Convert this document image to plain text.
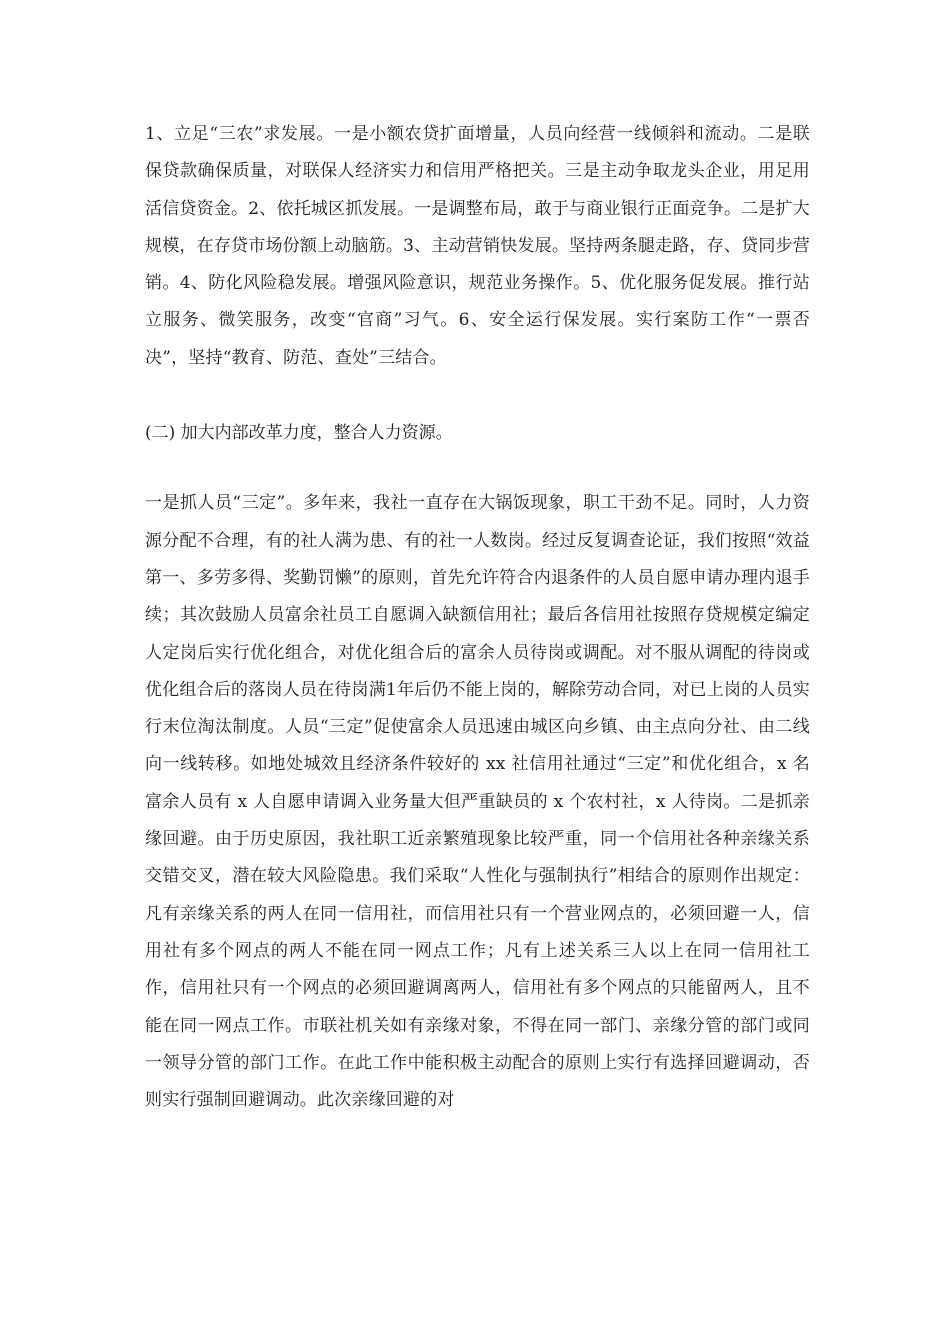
1、立足“三农”求发展。一是小额农贷扩面增量，人员向经营一线倾斜和流动。二是联保贷款确保质量，对联保人经济实力和信用严格把关。三是主动争取龙头企业，用足用活信贷资金。2、依托城区抓发展。一是调整布局，敢于与商业银行正面竞争。二是扩大规模，在存贷市场份额上动脑筋。3、主动营销快发展。坚持两条腿走路，存、贷同步营销。4、防化风险稳发展。增强风险意识，规范业务操作。5、优化服务促发展。推行站立服务、微笑服务，改变“官商”习气。6、安全运行保发展。实行案防工作“一票否决”，坚持“教育、防范、查处”三结合。

(二) 加大内部改革力度，整合人力资源。

一是抓人员“三定”。多年来，我社一直存在大锅饭现象，职工干劲不足。同时，人力资源分配不合理，有的社人满为患、有的社一人数岗。经过反复调查论证，我们按照“效益第一、多劳多得、奖勤罚懒”的原则，首先允许符合内退条件的人员自愿申请办理内退手续；其次鼓励人员富余社员工自愿调入缺额信用社；最后各信用社按照存贷规模定编定人定岗后实行优化组合，对优化组合后的富余人员待岗或调配。对不服从调配的待岗或优化组合后的落岗人员在待岗满1年后仍不能上岗的，解除劳动合同，对已上岗的人员实行末位淘汰制度。人员“三定”促使富余人员迅速由城区向乡镇、由主点向分社、由二线向一线转移。如地处城效且经济条件较好的 xx 社信用社通过“三定”和优化组合，x 名富余人员有 x 人自愿申请调入业务量大但严重缺员的 x 个农村社，x 人待岗。二是抓亲缘回避。由于历史原因，我社职工近亲繁殖现象比较严重，同一个信用社各种亲缘关系交错交叉，潜在较大风险隐患。我们采取“人性化与强制执行”相结合的原则作出规定：凡有亲缘关系的两人在同一信用社，而信用社只有一个营业网点的，必须回避一人，信用社有多个网点的两人不能在同一网点工作；凡有上述关系三人以上在同一信用社工作，信用社只有一个网点的必须回避调离两人，信用社有多个网点的只能留两人，且不能在同一网点工作。市联社机关如有亲缘对象，不得在同一部门、亲缘分管的部门或同一领导分管的部门工作。在此工作中能积极主动配合的原则上实行有选择回避调动，否则实行强制回避调动。此次亲缘回避的对
